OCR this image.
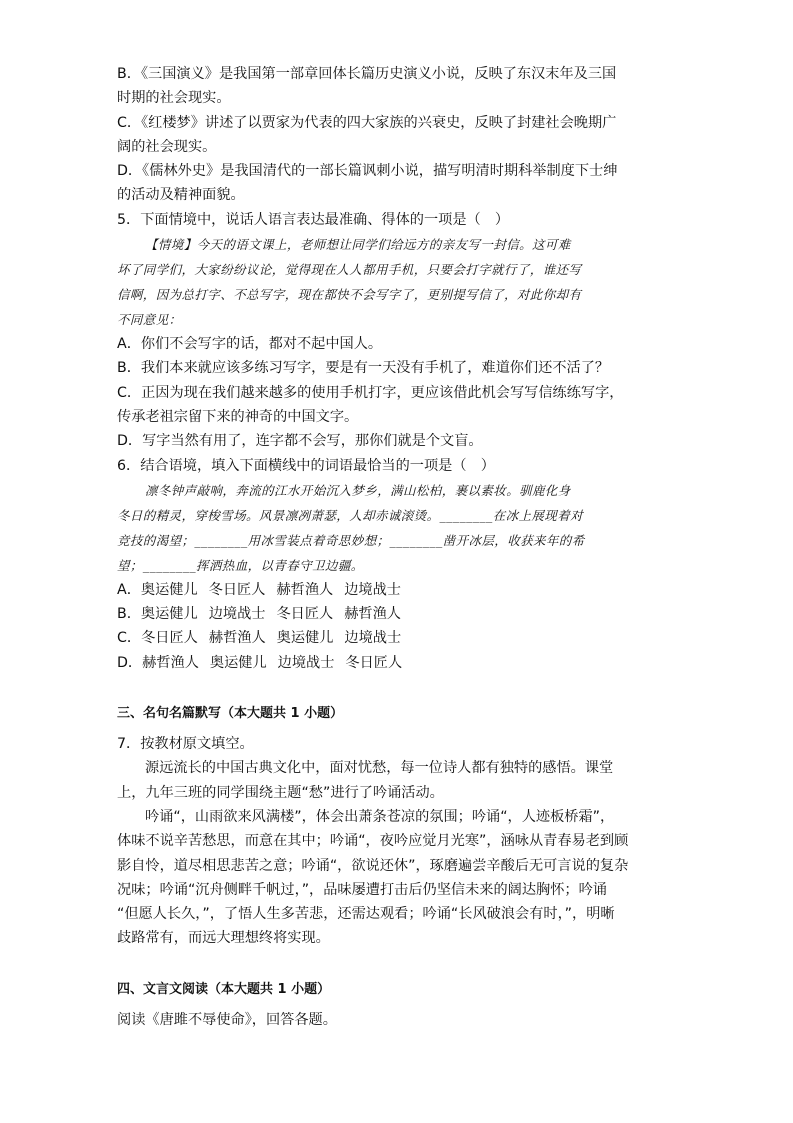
B．《三国演义》是我国第一部章回体长篇历史演义小说，反映了东汉末年及三国
时期的社会现实。
C．《红楼梦》讲述了以贾家为代表的四大家族的兴衰史，反映了封建社会晚期广
阔的社会现实。
D．《儒林外史》是我国清代的一部长篇讽刺小说，描写明清时期科举制度下士绅
的活动及精神面貌。
5．下面情境中，说话人语言表达最准确、得体的一项是（　）
【情境】今天的语文课上，老师想让同学们给远方的亲友写一封信。这可难
坏了同学们，大家纷纷议论，觉得现在人人都用手机，只要会打字就行了，谁还写
信啊，因为总打字、不总写字，现在都快不会写字了，更别提写信了，对此你却有
不同意见：
A．你们不会写字的话，都对不起中国人。
B．我们本来就应该多练习写字，要是有一天没有手机了，难道你们还不活了？
C．正因为现在我们越来越多的使用手机打字，更应该借此机会写写信练练写字，
传承老祖宗留下来的神奇的中国文字。
D．写字当然有用了，连字都不会写，那你们就是个文盲。
6．结合语境，填入下面横线中的词语最恰当的一项是（　）
凛冬钟声敲响，奔流的江水开始沉入梦乡，满山松柏，裹以素妆。驯鹿化身
冬日的精灵，穿梭雪场。风景凛冽萧瑟，人却赤诚滚烫。________在冰上展现着对
竞技的渴望；________用冰雪装点着奇思妙想；________凿开冰层，收获来年的希
望；________挥洒热血，以青春守卫边疆。
A．奥运健儿 冬日匠人 赫哲渔人 边境战士
B．奥运健儿 边境战士 冬日匠人 赫哲渔人
C．冬日匠人 赫哲渔人 奥运健儿 边境战士
D．赫哲渔人 奥运健儿 边境战士 冬日匠人
三、名句名篇默写（本大题共 1 小题）
7．按教材原文填空。
源远流长的中国古典文化中，面对忧愁，每一位诗人都有独特的感悟。课堂
上，九年三班的同学围绕主题“愁”进行了吟诵活动。
吟诵“，山雨欲来风满楼”，体会出萧条苍凉的氛围；吟诵“，人迹板桥霜”，
体味不说辛苦愁思，而意在其中；吟诵“，夜吟应觉月光寒”，涵咏从青春易老到顾
影自怜，道尽相思悲苦之意；吟诵“，欲说还休”，琢磨遍尝辛酸后无可言说的复杂
况味；吟诵“沉舟侧畔千帆过，”，品味屡遭打击后仍坚信未来的阔达胸怀；吟诵
“但愿人长久，”，了悟人生多苦悲，还需达观看；吟诵“长风破浪会有时，”，明晰
歧路常有，而远大理想终将实现。
四、文言文阅读（本大题共 1 小题）
阅读《唐雎不辱使命》，回答各题。
